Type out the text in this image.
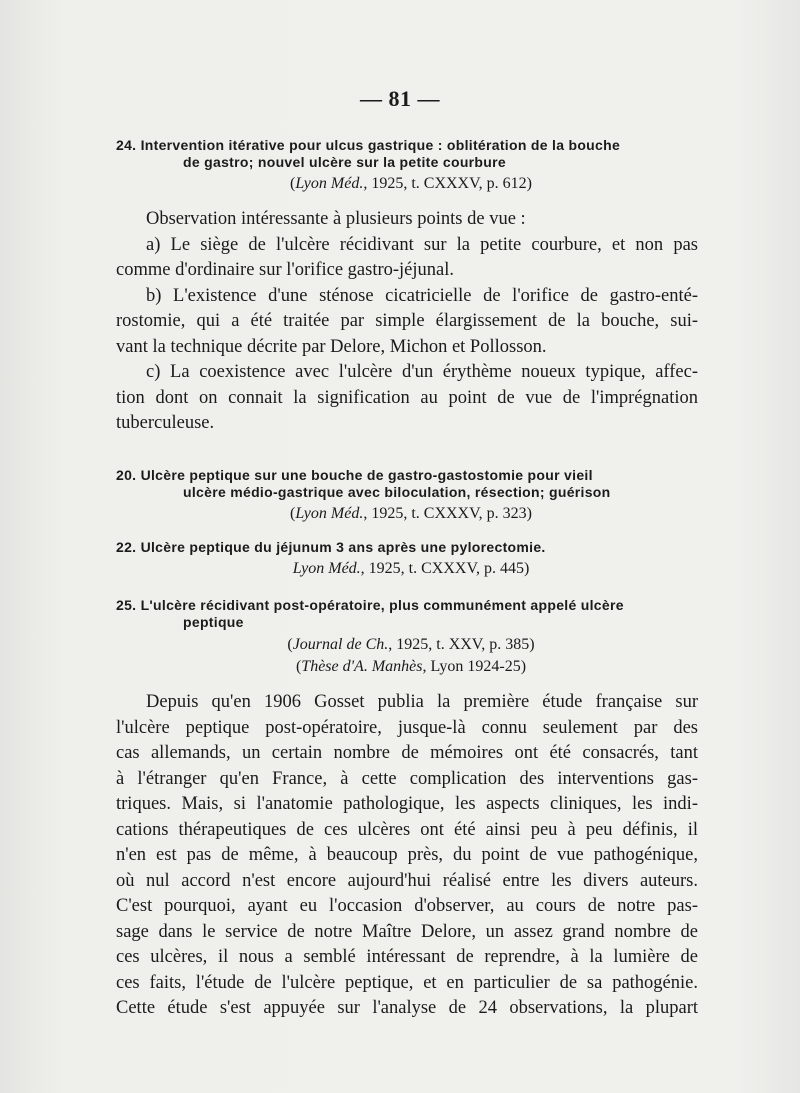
— 81 —
24. Intervention itérative pour ulcus gastrique : oblitération de la bouche
de gastro; nouvel ulcère sur la petite courbure
(Lyon Méd., 1925, t. CXXXV, p. 612)
Observation intéressante à plusieurs points de vue :
a) Le siège de l'ulcère récidivant sur la petite courbure, et non pas
comme d'ordinaire sur l'orifice gastro-jéjunal.
b) L'existence d'une sténose cicatricielle de l'orifice de gastro-enté-
rostomie, qui a été traitée par simple élargissement de la bouche, sui-
vant la technique décrite par Delore, Michon et Pollosson.
c) La coexistence avec l'ulcère d'un érythème noueux typique, affec-
tion dont on connait la signification au point de vue de l'imprégnation
tuberculeuse.
20. Ulcère peptique sur une bouche de gastro-gastostomie pour vieil
ulcère médio-gastrique avec biloculation, résection; guérison
(Lyon Méd., 1925, t. CXXXV, p. 323)
22. Ulcère peptique du jéjunum 3 ans après une pylorectomie.
Lyon Méd., 1925, t. CXXXV, p. 445)
25. L'ulcère récidivant post-opératoire, plus communément appelé ulcère
peptique
(Journal de Ch., 1925, t. XXV, p. 385)
(Thèse d'A. Manhès, Lyon 1924-25)
Depuis qu'en 1906 Gosset publia la première étude française sur
l'ulcère peptique post-opératoire, jusque-là connu seulement par des
cas allemands, un certain nombre de mémoires ont été consacrés, tant
à l'étranger qu'en France, à cette complication des interventions gas-
triques. Mais, si l'anatomie pathologique, les aspects cliniques, les indi-
cations thérapeutiques de ces ulcères ont été ainsi peu à peu définis, il
n'en est pas de même, à beaucoup près, du point de vue pathogénique,
où nul accord n'est encore aujourd'hui réalisé entre les divers auteurs.
C'est pourquoi, ayant eu l'occasion d'observer, au cours de notre pas-
sage dans le service de notre Maître Delore, un assez grand nombre de
ces ulcères, il nous a semblé intéressant de reprendre, à la lumière de
ces faits, l'étude de l'ulcère peptique, et en particulier de sa pathogénie.
Cette étude s'est appuyée sur l'analyse de 24 observations, la plupart
